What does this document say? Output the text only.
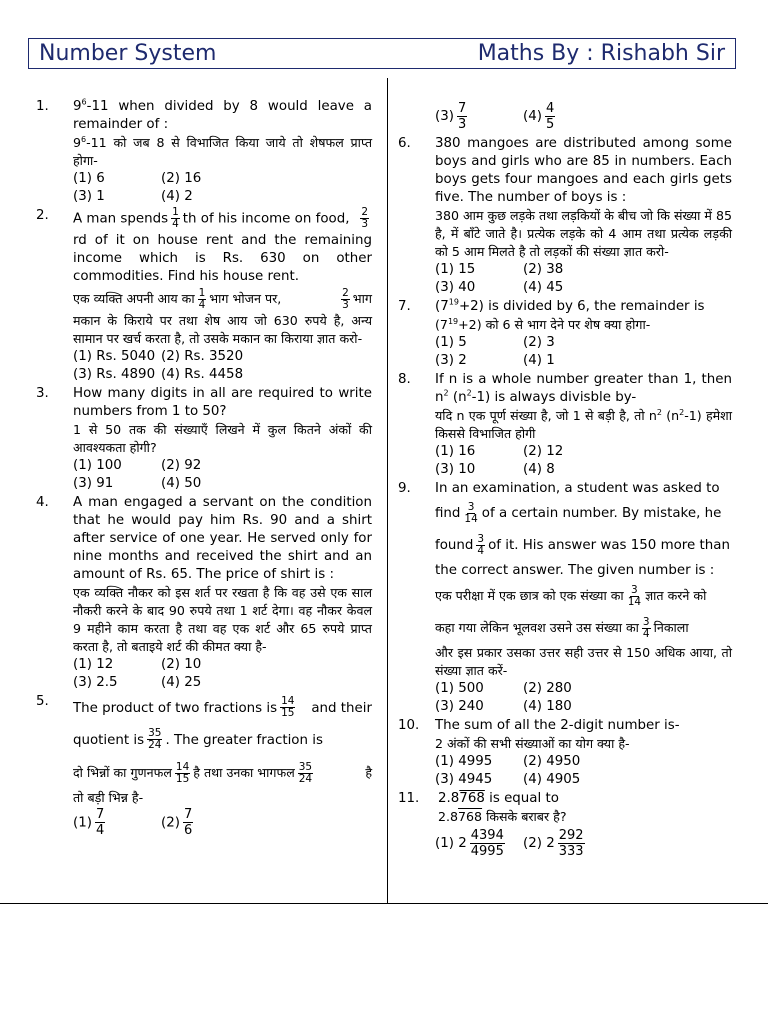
Number System	Maths By : Rishabh Sir
1.	$9^6-11$ when divided by 8 would leave a remainder of :
$9^6-11$ को जब 8 से विभाजित किया जाये तो शेषफल प्राप्त होगा-
(1) 6	(2) 16
(3) 1	(4) 2
2.	A man spends $\frac{1}{4}$ th of his income on food, $\frac{2}{3}$
rd of it on house rent and the remaining income which is Rs. 630 on other commodities. Find his house rent.
एक व्यक्ति अपनी आय का $\frac{1}{4}$ भाग भोजन पर,	$\frac{2}{3}$ भाग
मकान के किराये पर तथा शेष आय जो 630 रुपये है, अन्य सामान पर खर्च करता है, तो उसके मकान का किराया ज्ञात करो-
(1) Rs. 5040 (2) Rs. 3520
(3) Rs. 4890 (4) Rs. 4458
3.	How many digits in all are required to write numbers from 1 to 50?
1 से 50 तक की संख्याएँ लिखने में कुल कितने अंकों की आवश्यकता होगी?
(1) 100	(2) 92
(3) 91	(4) 50
4.	A man engaged a servant on the condition that he would pay him Rs. 90 and a shirt after service of one year. He served only for nine months and received the shirt and an amount of Rs. 65. The price of shirt is :
एक व्यक्ति नौकर को इस शर्त पर रखता है कि वह उसे एक साल नौकरी करने के बाद 90 रुपये तथा 1 शर्ट देगा। वह नौकर केवल 9 महीने काम करता है तथा वह एक शर्ट और 65 रुपये प्राप्त करता है, तो बताइये शर्ट की कीमत क्या है-
(1) 12	(2) 10
(3) 2.5	(4) 25
5.	The product of two fractions is $\frac{14}{15}$ and their
quotient is $\frac{35}{24}$ . The greater fraction is
दो भिन्नों का गुणनफल $\frac{14}{15}$ है तथा उनका भागफल $\frac{35}{24}$	है
तो बड़ी भिन्न है-
$(1) \frac{7}{4}$	$(2) \frac{7}{6}$
$(3) \frac{7}{3}$	$(4) \frac{4}{5}$
6.	380 mangoes are distributed among some boys and girls who are 85 in numbers. Each boys gets four mangoes and each girls gets five. The number of boys is :
380 आम कुछ लड़के तथा लड़कियों के बीच जो कि संख्या में 85 है, में बाँटे जाते है। प्रत्येक लड़के को 4 आम तथा प्रत्येक लड़की को 5 आम मिलते है तो लड़कों की संख्या ज्ञात करो-
(1) 15	(2) 38
(3) 40	(4) 45
7.	$(7^{19}+2)$ is divided by 6, the remainder is
$(7^{19}+2)$ को 6 से भाग देने पर शेष क्या होगा-
(1) 5	(2) 3
(3) 2	(4) 1
8.	If n is a whole number greater than 1, then $n^2$ $(n^2-1)$ is always divisble by-
यदि n एक पूर्ण संख्या है, जो 1 से बड़ी है, तो $n^2$ $(n^2-1)$ हमेशा किससे विभाजित होगी
(1) 16	(2) 12
(3) 10	(4) 8
9.	In an examination, a student was asked to
find $\frac{3}{14}$ of a certain number. By mistake, he
found $\frac{3}{4}$ of it. His answer was 150 more than
the correct answer. The given number is :
एक परीक्षा में एक छात्र को एक संख्या का $\frac{3}{14}$ ज्ञात करने को
कहा गया लेकिन भूलवश उसने उस संख्या का $\frac{3}{4}$ निकाला
और इस प्रकार उसका उत्तर सही उत्तर से 150 अधिक आया, तो संख्या ज्ञात करें-
(1) 500	(2) 280
(3) 240	(4) 180
10.	The sum of all the 2-digit number is-
2 अंकों की सभी संख्याओं का योग क्या है-
(1) 4995	(2) 4950
(3) 4945	(4) 4905
11.	2.8768 is equal to
2.8768 किसके बराबर है?
(1) $2 \frac{4394}{4995} (2)$ $2 \frac{292}{333}$
